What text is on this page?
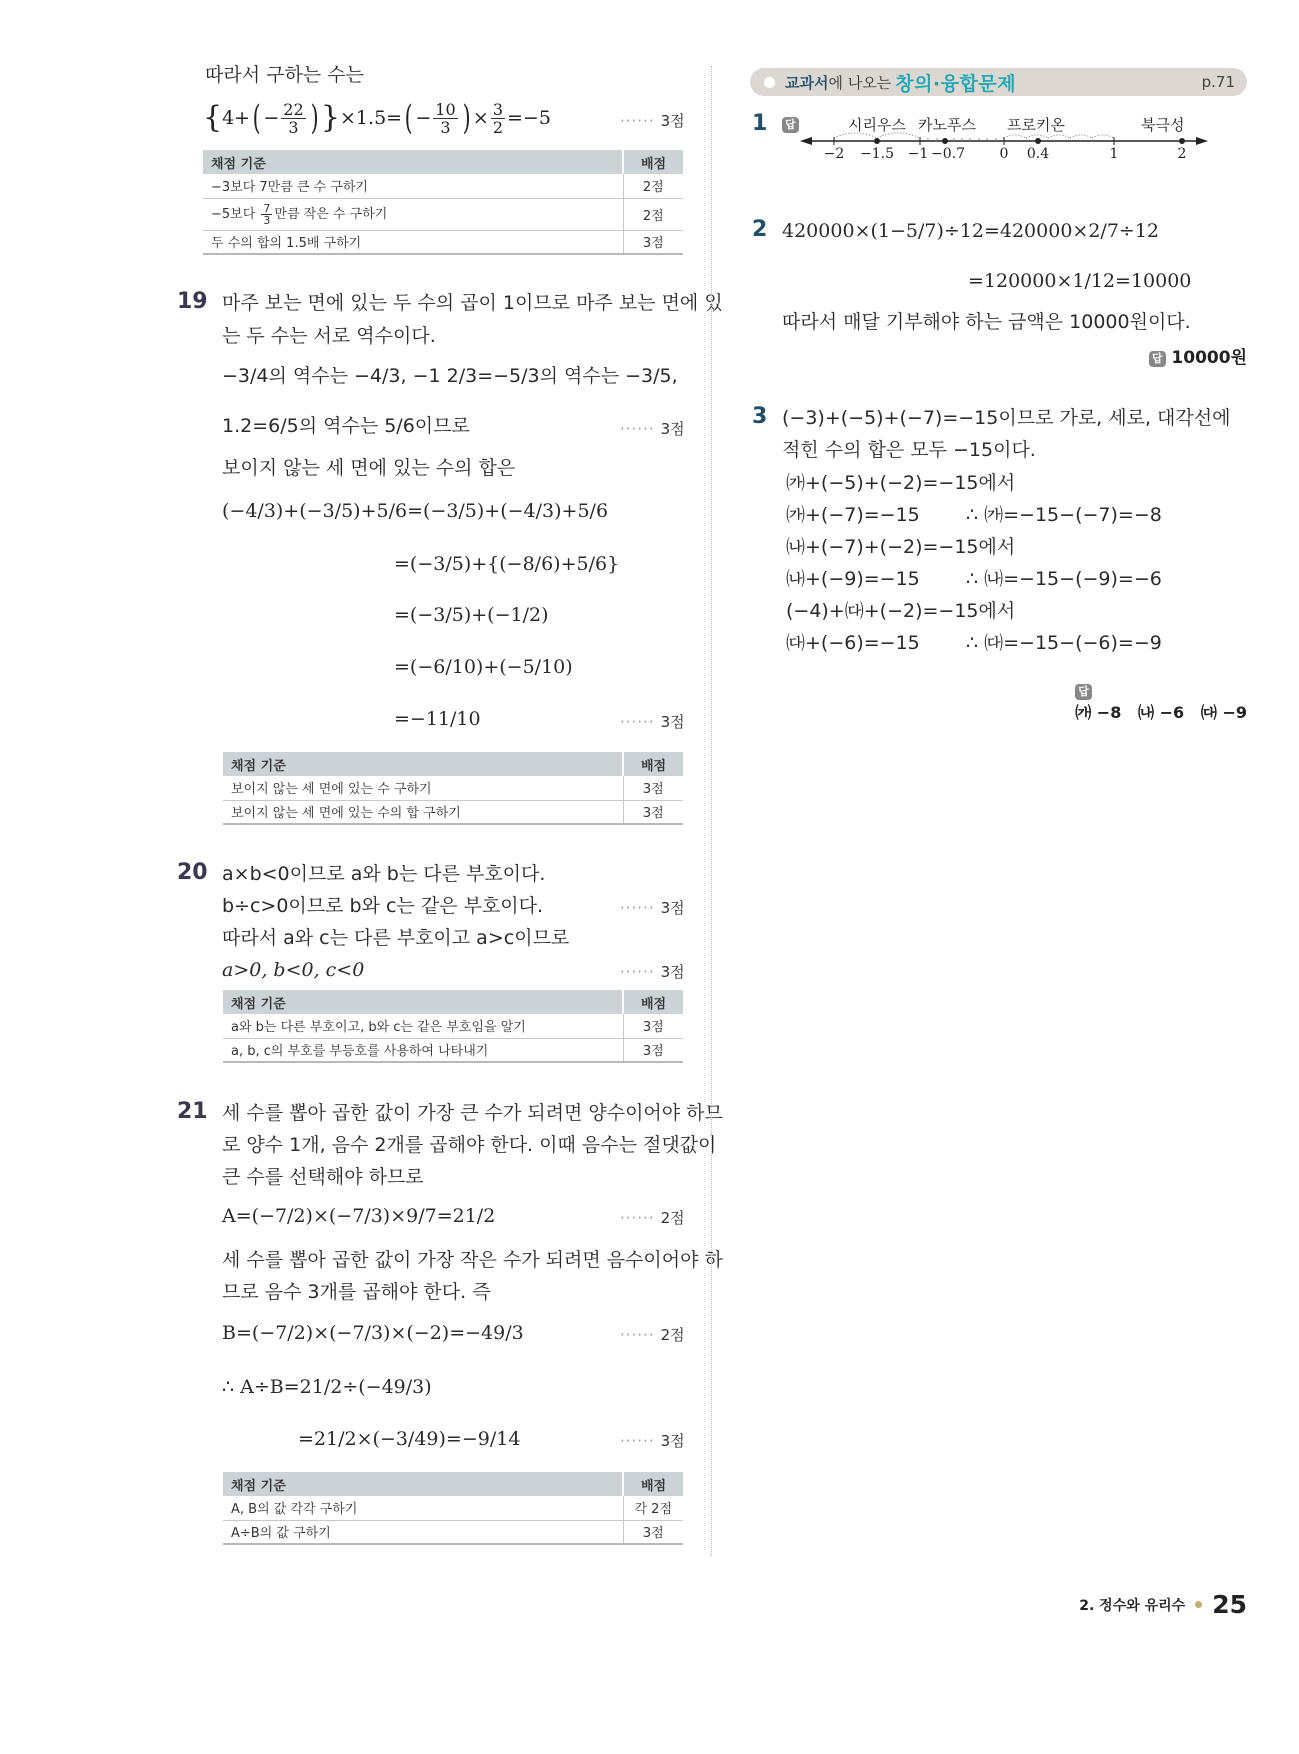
따라서 구하는 수는
{ 4+ ( − $\frac{22}{3}$ ) } ×1.5= ( − $\frac{10}{3}$ ) × $\frac{3}{2} =-5$	······ 3점
채점 기준	배점
−3보다 7만큼 큰 수 구하기	2점
−5보다 $\frac{7}{3}$ 만큼 작은 수 구하기	2점
두 수의 합의 1.5배 구하기	3점
19 마주 보는 면에 있는 두 수의 곱이 1이므로 마주 보는 면에 있
는 두 수는 서로 역수이다.
−3/4의 역수는 −4/3, −1 2/3=−5/3의 역수는 −3/5,
1.2=6/5의 역수는 5/6이므로	······ 3점
보이지 않는 세 면에 있는 수의 합은
(−4/3)+(−3/5)+5/6=(−3/5)+(−4/3)+5/6
=(−3/5)+{(−8/6)+5/6}
=(−3/5)+(−1/2)
=(−6/10)+(−5/10)
=−11/10	······ 3점
채점 기준	배점
보이지 않는 세 면에 있는 수 구하기	3점
보이지 않는 세 면에 있는 수의 합 구하기	3점
20 a×b<0이므로 a와 b는 다른 부호이다.
b÷c>0이므로 b와 c는 같은 부호이다.	······ 3점
따라서 a와 c는 다른 부호이고 a>c이므로
a>0, b<0, c<0	······ 3점
채점 기준	배점
a와 b는 다른 부호이고, b와 c는 같은 부호임을 알기	3점
a, b, c의 부호를 부등호를 사용하여 나타내기	3점
21 세 수를 뽑아 곱한 값이 가장 큰 수가 되려면 양수이어야 하므
로 양수 1개, 음수 2개를 곱해야 한다. 이때 음수는 절댓값이
큰 수를 선택해야 하므로
A=(−7/2)×(−7/3)×9/7=21/2	······ 2점
세 수를 뽑아 곱한 값이 가장 작은 수가 되려면 음수이어야 하
므로 음수 3개를 곱해야 한다. 즉
B=(−7/2)×(−7/3)×(−2)=−49/3	······ 2점
∴ A÷B=21/2÷(−49/3)
=21/2×(−3/49)=−9/14	······ 3점
채점 기준	배점
A, B의 값 각각 구하기	각 2점
A÷B의 값 구하기	3점
교과서 에 나오는 창의·융합문제	p.71
1 답	시리우스 카노푸스 프로키온	북극성
−2 −1.5 −1 −0.7 0 0.4	1	2
2 420000×(1−5/7)÷12=420000×2/7÷12
=120000×1/12=10000
따라서 매달 기부해야 하는 금액은 10000원이다.
답 10000원
3 (−3)+(−5)+(−7)=−15이므로 가로, 세로, 대각선에
적힌 수의 합은 모두 −15이다.
㈎+(−5)+(−2)=−15에서
㈎+(−7)=−15 ∴ ㈎=−15−(−7)=−8
㈏+(−7)+(−2)=−15에서
㈏+(−9)=−15 ∴ ㈏=−15−(−9)=−6
(−4)+㈐+(−2)=−15에서
㈐+(−6)=−15 ∴ ㈐=−15−(−6)=−9

답
㈎ −8   ㈏ −6   ㈐ −9

2. 정수와 유리수 25
